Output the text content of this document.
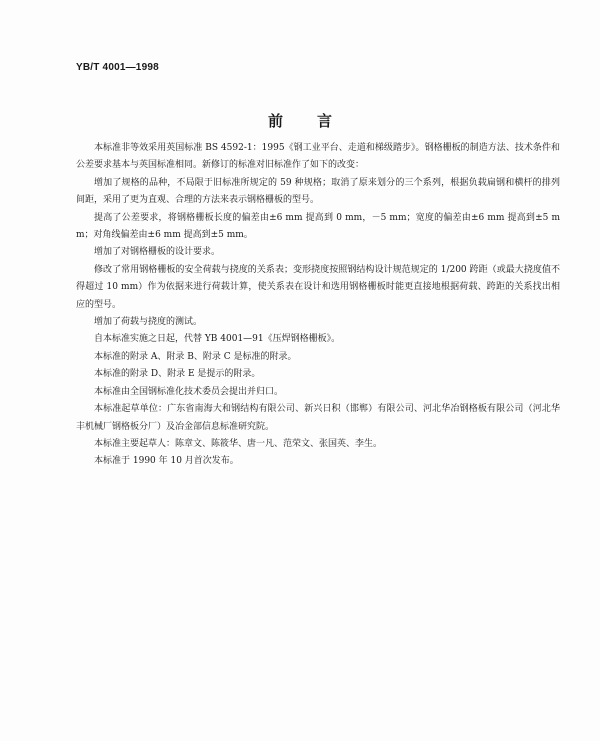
YB/T 4001—1998
前言

本标准非等效采用英国标准 BS 4592-1：1995《钢工业平台、走道和梯级踏步》。钢格栅板的制造方法、技术条件和公差要求基本与英国标准相同。新修订的标准对旧标准作了如下的改变：

增加了规格的品种，不局限于旧标准所规定的 59 种规格；取消了原来划分的三个系列，根据负载扁钢和横杆的排列间距，采用了更为直观、合理的方法来表示钢格栅板的型号。

提高了公差要求，将钢格栅板长度的偏差由±6 mm 提高到 0 mm，－5 mm；宽度的偏差由±6 mm 提高到±5 mm；对角线偏差由±6 mm 提高到±5 mm。

增加了对钢格栅板的设计要求。

修改了常用钢格栅板的安全荷载与挠度的关系表；变形挠度按照钢结构设计规范规定的 1/200 跨距（或最大挠度值不得超过 10 mm）作为依据来进行荷载计算，使关系表在设计和选用钢格栅板时能更直接地根据荷载、跨距的关系找出相应的型号。

增加了荷载与挠度的测试。

自本标准实施之日起，代替 YB 4001—91《压焊钢格栅板》。

本标准的附录 A、附录 B、附录 C 是标准的附录。

本标准的附录 D、附录 E 是提示的附录。

本标准由全国钢标准化技术委员会提出并归口。

本标准起草单位：广东省南海大和钢结构有限公司、新兴日积（邯郸）有限公司、河北华冶钢格板有限公司（河北华丰机械厂钢格板分厂）及冶金部信息标准研究院。

本标准主要起草人：陈章文、陈筱华、唐一凡、范荣文、张国英、李生。

本标准于 1990 年 10 月首次发布。
